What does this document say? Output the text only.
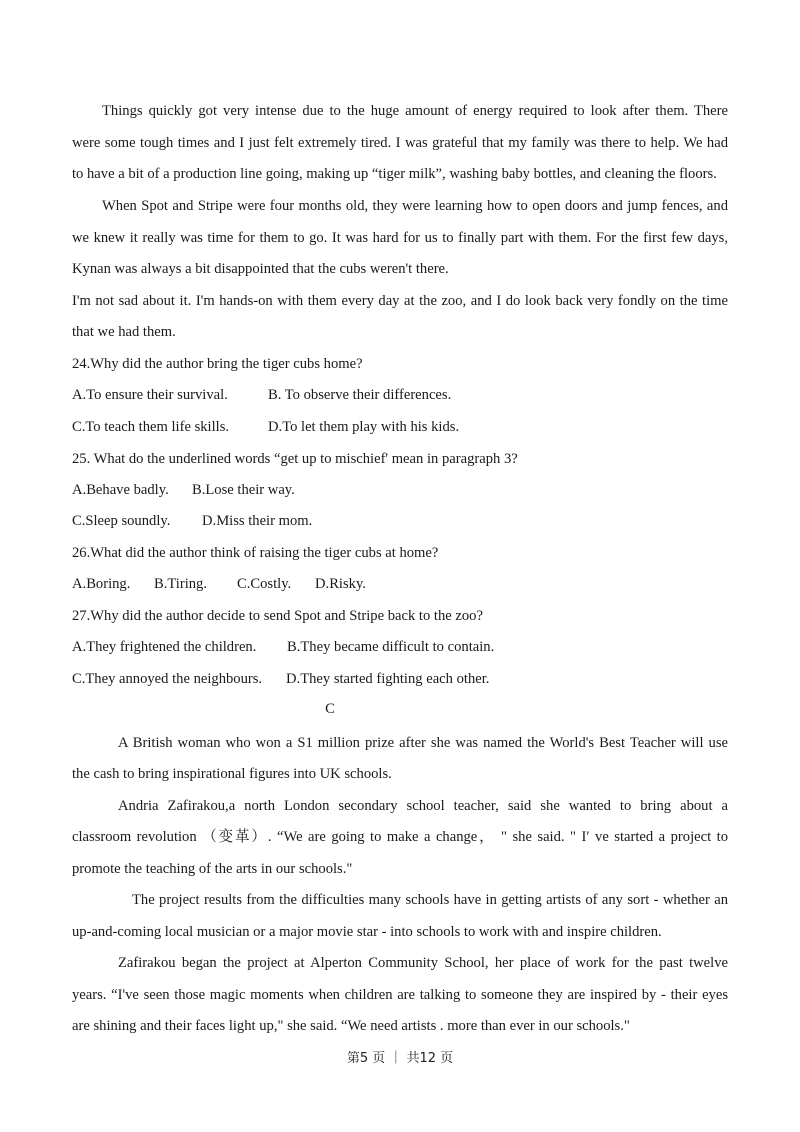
Things quickly got very intense due to the huge amount of energy required to look after them. There
were some tough times and I just felt extremely tired. I was grateful that my family was there to help. We had
to have a bit of a production line going, making up “tiger milk”, washing baby bottles, and cleaning the floors.
When Spot and Stripe were four months old, they were learning how to open doors and jump fences, and
we knew it really was time for them to go. It was hard for us to finally part with them. For the first few days,
Kynan was always a bit disappointed that the cubs weren't there.
I'm not sad about it. I'm hands-on with them every day at the zoo, and I do look back very fondly on the time
that we had them.
24.Why did the author bring the tiger cubs home?
A.To ensure their survival.	B. To observe their differences.
C.To teach them life skills.	D.To let them play with his kids.
25. What do the underlined words “get up to mischief' mean in paragraph 3?
A.Behave badly. B.Lose their way.
C.Sleep soundly. D.Miss their mom.
26.What did the author think of raising the tiger cubs at home?
A.Boring. B.Tiring. C.Costly. D.Risky.
27.Why did the author decide to send Spot and Stripe back to the zoo?
A.They frightened the children. B.They became difficult to contain.
C.They annoyed the neighbours. D.They started fighting each other.
C
A British woman who won a S1 million prize after she was named the World's Best Teacher will use
the cash to bring inspirational figures into UK schools.
Andria Zafirakou,a north London secondary school teacher, said she wanted to bring about a
classroom revolution （变革）. “We are going to make a change， " she said. " I′ ve started a project to
promote the teaching of the arts in our schools."
The project results from the difficulties many schools have in getting artists of any sort - whether an
up-and-coming local musician or a major movie star - into schools to work with and inspire children.
Zafirakou began the project at Alperton Community School, her place of work for the past twelve
years. “I've seen those magic moments when children are talking to someone they are inspired by - their eyes
are shining and their faces light up," she said. “We need artists . more than ever in our schools."
第5 页 ｜ 共12 页
